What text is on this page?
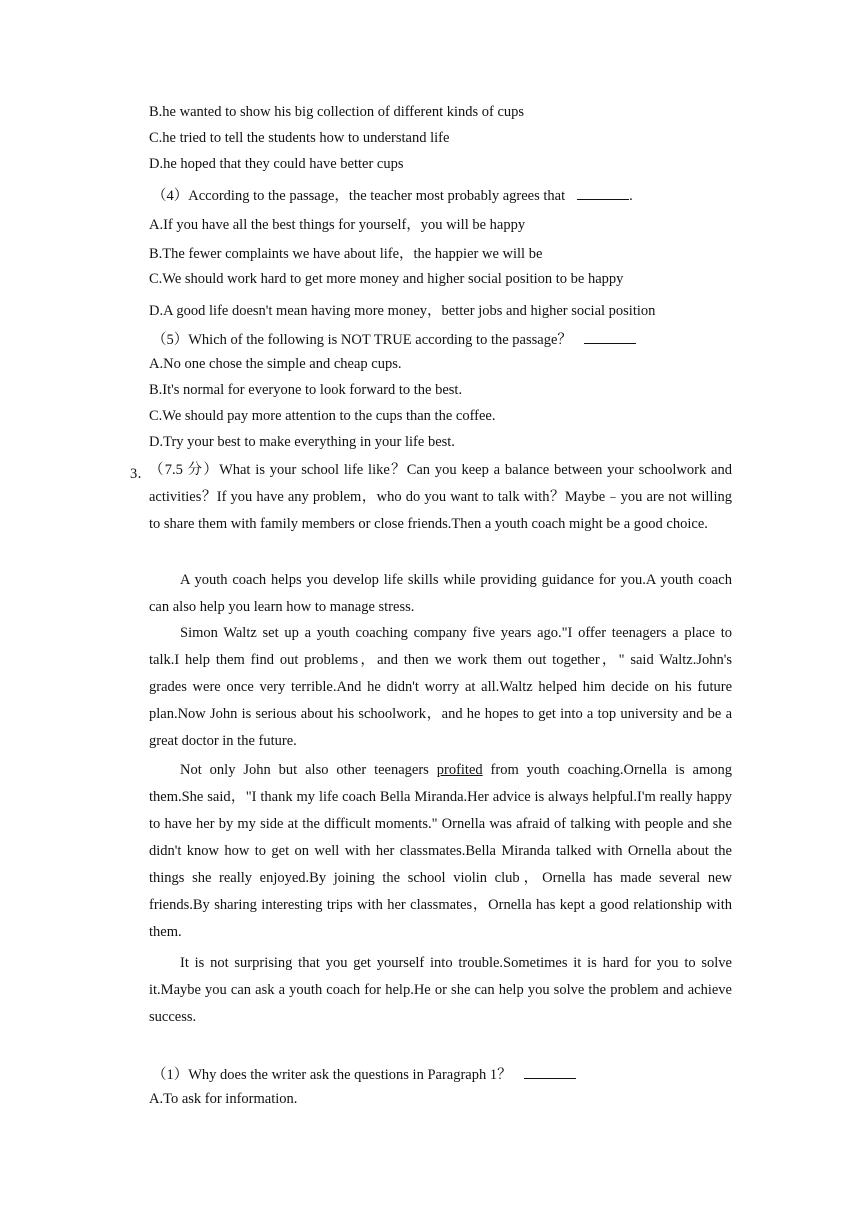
B.he wanted to show his big collection of different kinds of cups
C.he tried to tell the students how to understand life
D.he hoped that they could have better cups
（4）According to the passage，the teacher most probably agrees that	.
A.If you have all the best things for yourself，you will be happy
B.The fewer complaints we have about life，the happier we will be
C.We should work hard to get more money and higher social position to be happy
D.A good life doesn't mean having more money，better jobs and higher social position
（5）Which of the following is NOT TRUE according to the passage？
A.No one chose the simple and cheap cups.
B.It's normal for everyone to look forward to the best.
C.We should pay more attention to the cups than the coffee.
D.Try your best to make everything in your life best.
3．
（7.5 分）What is your school life like？Can you keep a balance between your schoolwork and activities？If you have any problem，who do you want to talk with？Maybe﹣you are not willing to share them with family members or close friends.Then a youth coach might be a good choice.
A youth coach helps you develop life skills while providing guidance for you.A youth coach can also help you learn how to manage stress.
Simon Waltz set up a youth coaching company five years ago."I offer teenagers a place to talk.I help them find out problems，and then we work them out together，" said Waltz.John's grades were once very terrible.And he didn't worry at all.Waltz helped him decide on his future plan.Now John is serious about his schoolwork，and he hopes to get into a top university and be a great doctor in the future.
Not only John but also other teenagers profited from youth coaching.Ornella is among them.She said，"I thank my life coach Bella Miranda.Her advice is always helpful.I'm really happy to have her by my side at the difficult moments." Ornella was afraid of talking with people and she didn't know how to get on well with her classmates.Bella Miranda talked with Ornella about the things she really enjoyed.By joining the school violin club，Ornella has made several new friends.By sharing interesting trips with her classmates，Ornella has kept a good relationship with them.
It is not surprising that you get yourself into trouble.Sometimes it is hard for you to solve it.Maybe you can ask a youth coach for help.He or she can help you solve the problem and achieve success.
（1）Why does the writer ask the questions in Paragraph 1？
A.To ask for information.
